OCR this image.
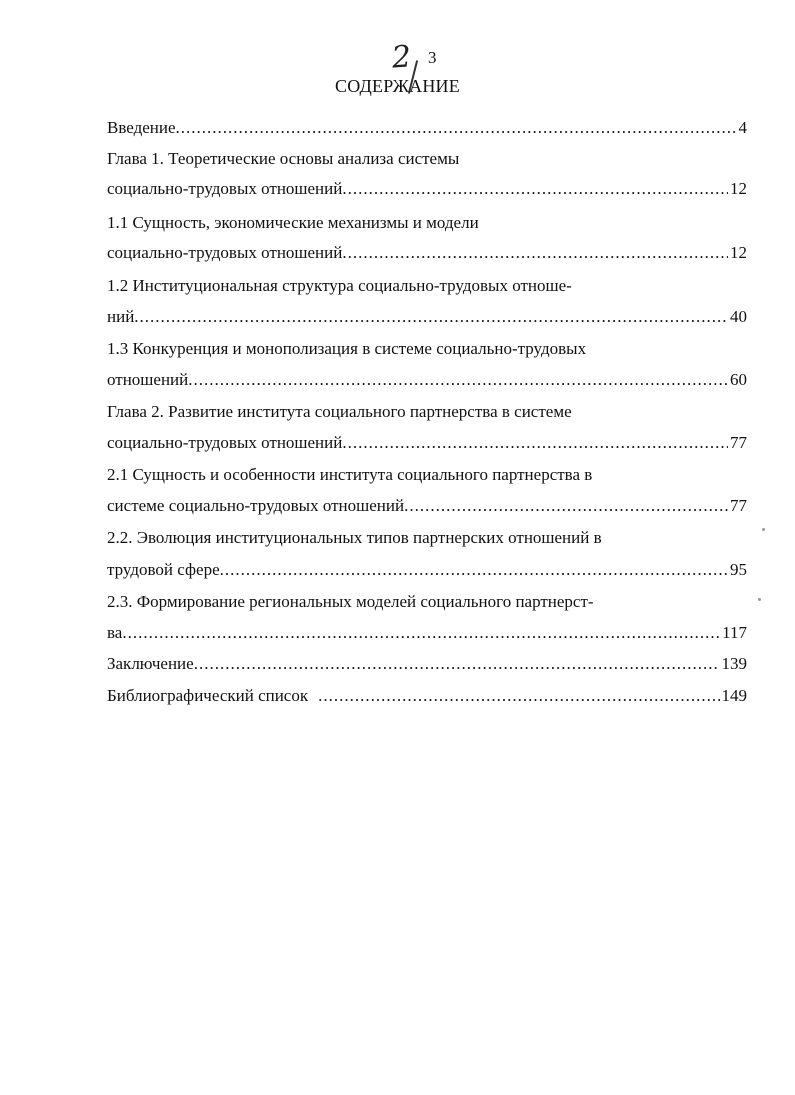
2 3
СОДЕРЖАНИЕ
Введение .....	4
Глава 1. Теоретические основы анализа системы
социально-трудовых отношений .....	12
1.1 Сущность, экономические механизмы и модели
социально-трудовых отношений .....	12
1.2 Институциональная структура социально-трудовых отноше-
ний .....	40
1.3 Конкуренция и монополизация в системе социально-трудовых
отношений .....	60
Глава 2. Развитие института социального партнерства в системе
социально-трудовых отношений .....	77
2.1 Сущность и особенности института социального партнерства в
системе социально-трудовых отношений .....	77
2.2. Эволюция институциональных типов партнерских отношений в
трудовой сфере .....	95
2.3. Формирование региональных моделей социального партнерст-
ва .....	117
Заключение .....	139
Библиографический список .....	149
